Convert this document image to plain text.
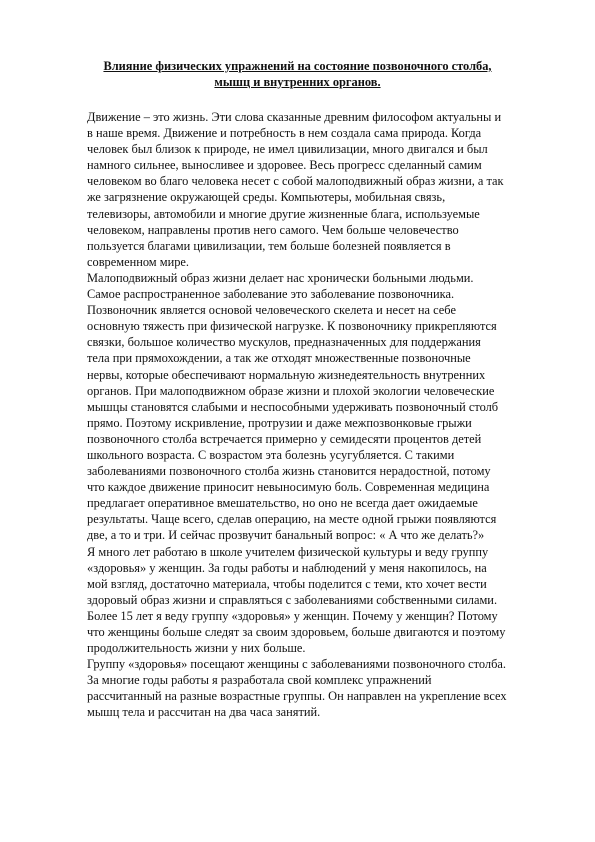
Влияние физических упражнений на состояние позвоночного столба,
мышц и внутренних органов.

Движение – это жизнь. Эти слова сказанные древним философом актуальны и
в наше время. Движение и потребность в нем создала сама природа. Когда
человек был близок к природе, не имел цивилизации, много двигался и был
намного сильнее, выносливее и здоровее. Весь прогресс сделанный самим
человеком во благо человека несет с собой малоподвижный образ жизни, а так
же загрязнение окружающей среды. Компьютеры, мобильная связь,
телевизоры, автомобили и многие другие жизненные блага, используемые
человеком, направлены против него самого. Чем больше человечество
пользуется благами цивилизации, тем больше болезней появляется в
современном мире.

Малоподвижный образ жизни делает нас хронически больными людьми.
Самое распространенное заболевание это заболевание позвоночника.
Позвоночник является основой человеческого скелета и несет на себе
основную тяжесть при физической нагрузке. К позвоночнику прикрепляются
связки, большое количество мускулов, предназначенных для поддержания
тела при прямохождении, а так же отходят множественные позвоночные
нервы, которые обеспечивают нормальную жизнедеятельность внутренних
органов. При малоподвижном образе жизни и плохой экологии человеческие
мышцы становятся слабыми и неспособными удерживать позвоночный столб
прямо. Поэтому искривление, протрузии и даже межпозвонковые грыжи
позвоночного столба встречается примерно у семидесяти процентов детей
школьного возраста. С возрастом эта болезнь усугубляется. С такими
заболеваниями позвоночного столба жизнь становится нерадостной, потому
что каждое движение приносит невыносимую боль. Современная медицина
предлагает оперативное вмешательство, но оно не всегда дает ожидаемые
результаты. Чаще всего, сделав операцию, на месте одной грыжи появляются
две, а то и три. И сейчас прозвучит банальный вопрос: « А что же делать?»

Я много лет работаю в школе учителем физической культуры и веду группу
«здоровья» у женщин. За годы работы и наблюдений у меня накопилось, на
мой взгляд, достаточно материала, чтобы поделится с теми, кто хочет вести
здоровый образ жизни и справляться с заболеваниями собственными силами.
Более 15 лет я веду группу «здоровья» у женщин. Почему у женщин? Потому
что женщины больше следят за своим здоровьем, больше двигаются и поэтому
продолжительность жизни у них больше.

Группу «здоровья» посещают женщины с заболеваниями позвоночного столба.
За многие годы работы я разработала свой комплекс упражнений
рассчитанный на разные возрастные группы. Он направлен на укрепление всех
мышц тела и рассчитан на два часа занятий.
